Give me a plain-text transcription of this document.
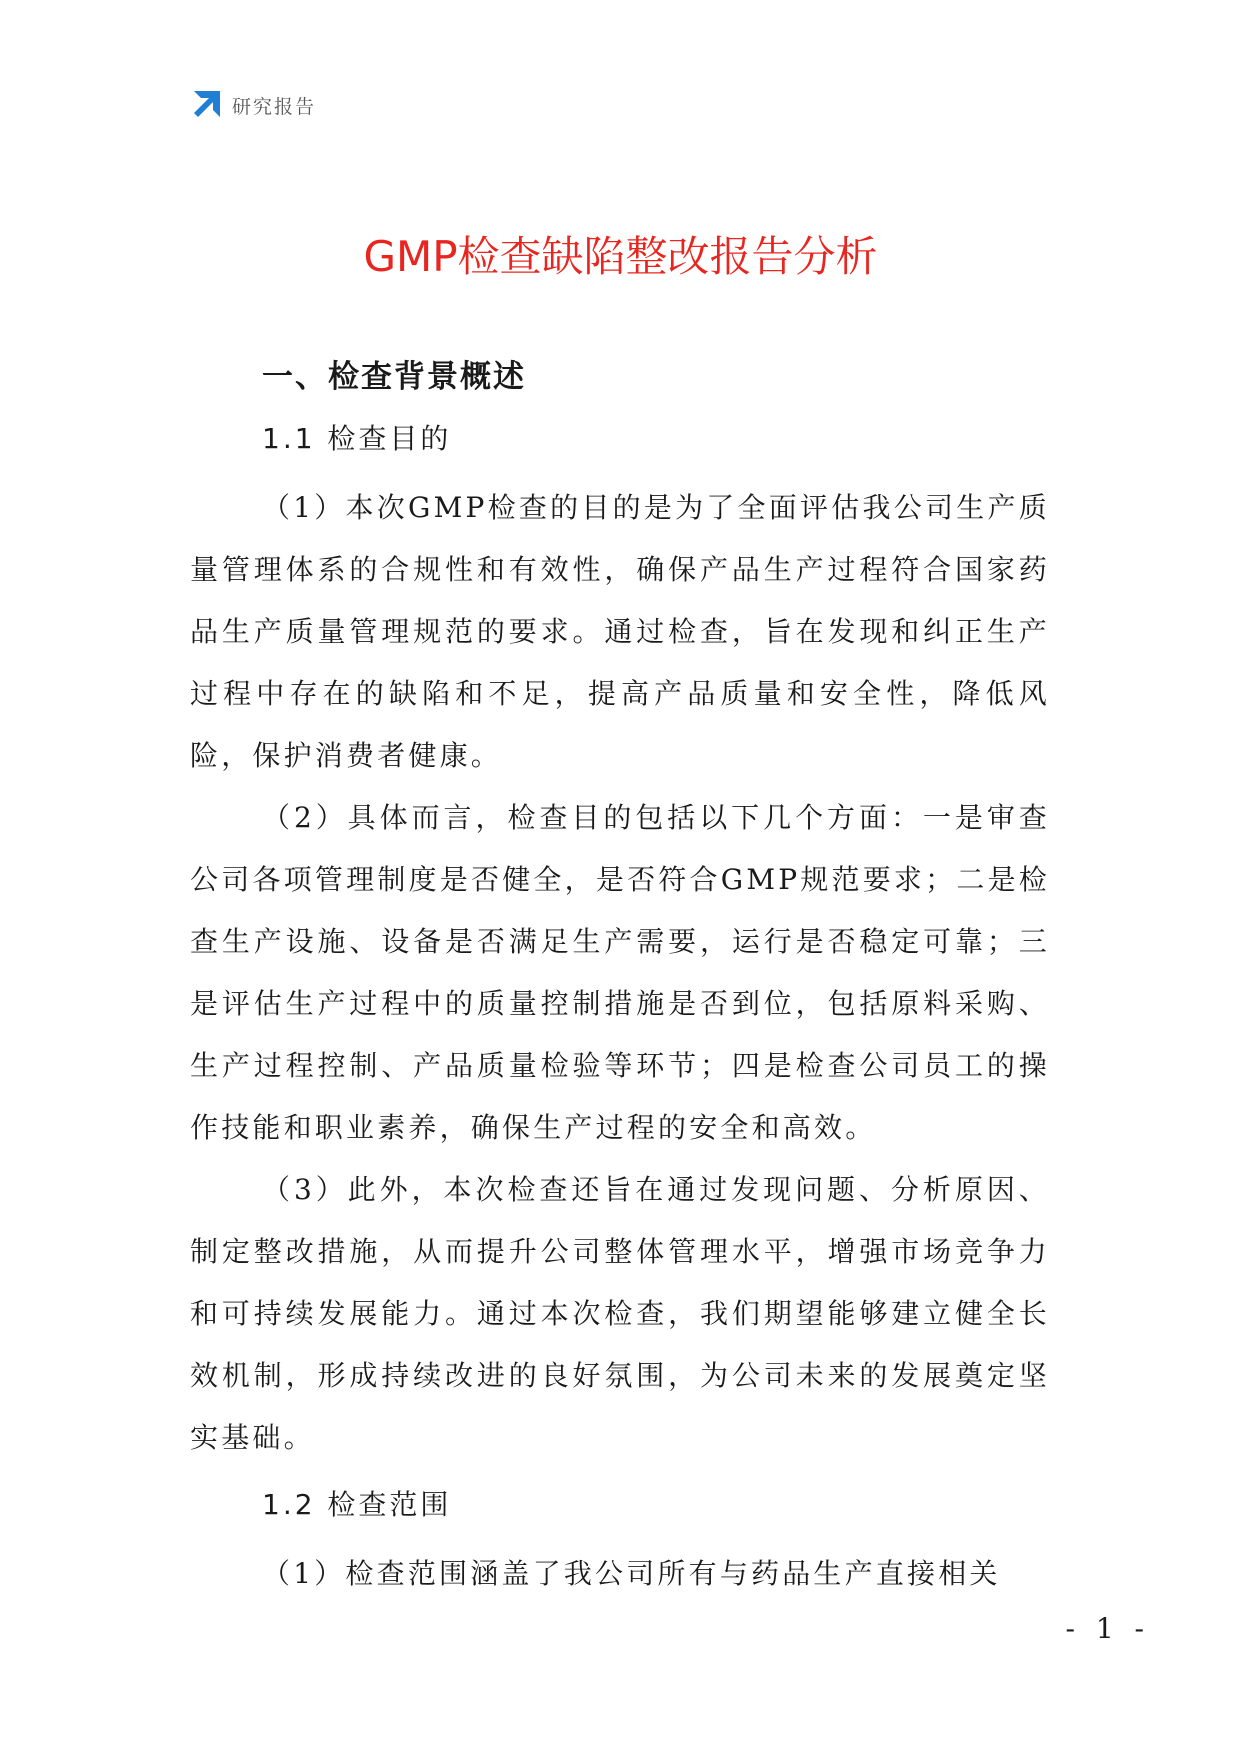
研究报告
GMP检查缺陷整改报告分析
一、检查背景概述
1.1 检查目的

（1）本次GMP检查的目的是为了全面评估我公司生产质量管理体系的合规性和有效性，确保产品生产过程符合国家药品生产质量管理规范的要求。通过检查，旨在发现和纠正生产过程中存在的缺陷和不足，提高产品质量和安全性，降低风险，保护消费者健康。

（2）具体而言，检查目的包括以下几个方面：一是审查公司各项管理制度是否健全，是否符合GMP规范要求；二是检查生产设施、设备是否满足生产需要，运行是否稳定可靠；三是评估生产过程中的质量控制措施是否到位，包括原料采购、生产过程控制、产品质量检验等环节；四是检查公司员工的操作技能和职业素养，确保生产过程的安全和高效。

（3）此外，本次检查还旨在通过发现问题、分析原因、制定整改措施，从而提升公司整体管理水平，增强市场竞争力和可持续发展能力。通过本次检查，我们期望能够建立健全长效机制，形成持续改进的良好氛围，为公司未来的发展奠定坚实基础。

1.2 检查范围

（1）检查范围涵盖了我公司所有与药品生产直接相关

- 1 -
